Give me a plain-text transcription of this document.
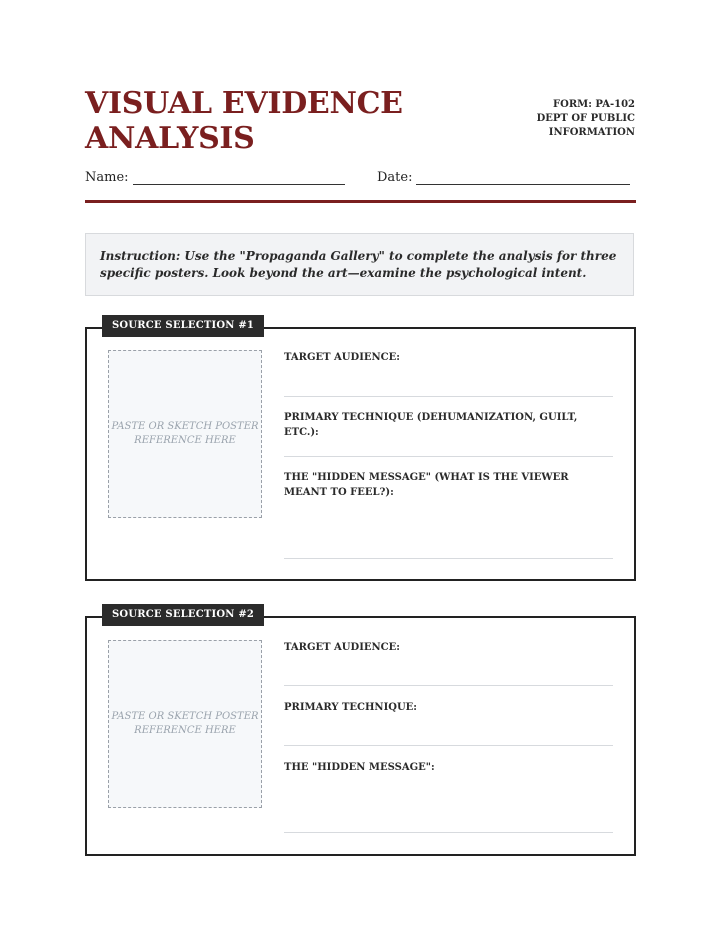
VISUAL EVIDENCE
ANALYSIS
FORM: PA-102
DEPT OF PUBLIC
INFORMATION
Name:	Date:
Instruction: Use the "Propaganda Gallery" to complete the analysis for three specific posters. Look beyond the art—examine the psychological intent.
SOURCE SELECTION #1
PASTE OR SKETCH POSTER REFERENCE HERE
TARGET AUDIENCE:
PRIMARY TECHNIQUE (DEHUMANIZATION, GUILT, ETC.):
THE "HIDDEN MESSAGE" (WHAT IS THE VIEWER MEANT TO FEEL?):
SOURCE SELECTION #2
PASTE OR SKETCH POSTER REFERENCE HERE
TARGET AUDIENCE:
PRIMARY TECHNIQUE:
THE "HIDDEN MESSAGE":
